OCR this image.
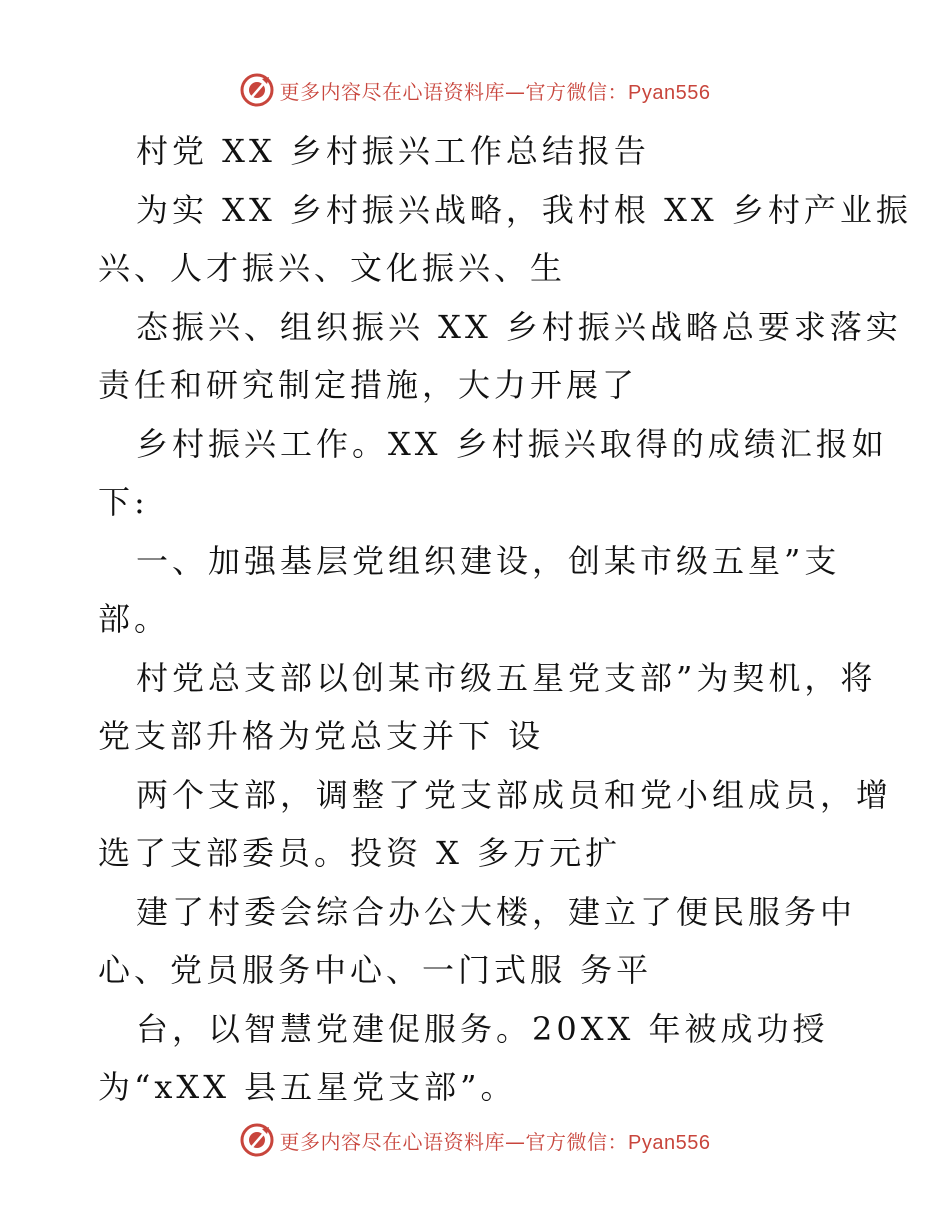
更多内容尽在心语资料库—官方微信：Pyan556
村党 XX 乡村振兴工作总结报告
为实 XX 乡村振兴战略，我村根 XX 乡村产业振
兴、人才振兴、文化振兴、生
态振兴、组织振兴 XX 乡村振兴战略总要求落实
责任和研究制定措施，大力开展了
乡村振兴工作。XX 乡村振兴取得的成绩汇报如
下:
一、加强基层党组织建设，创某市级五星”支
部。
村党总支部以创某市级五星党支部”为契机，将
党支部升格为党总支并下 设
两个支部，调整了党支部成员和党小组成员，增
选了支部委员。投资 X 多万元扩
建了村委会综合办公大楼，建立了便民服务中
心、党员服务中心、一门式服 务平
台，以智慧党建促服务。20XX 年被成功授
为“xXX 县五星党支部”。
更多内容尽在心语资料库—官方微信：Pyan556
